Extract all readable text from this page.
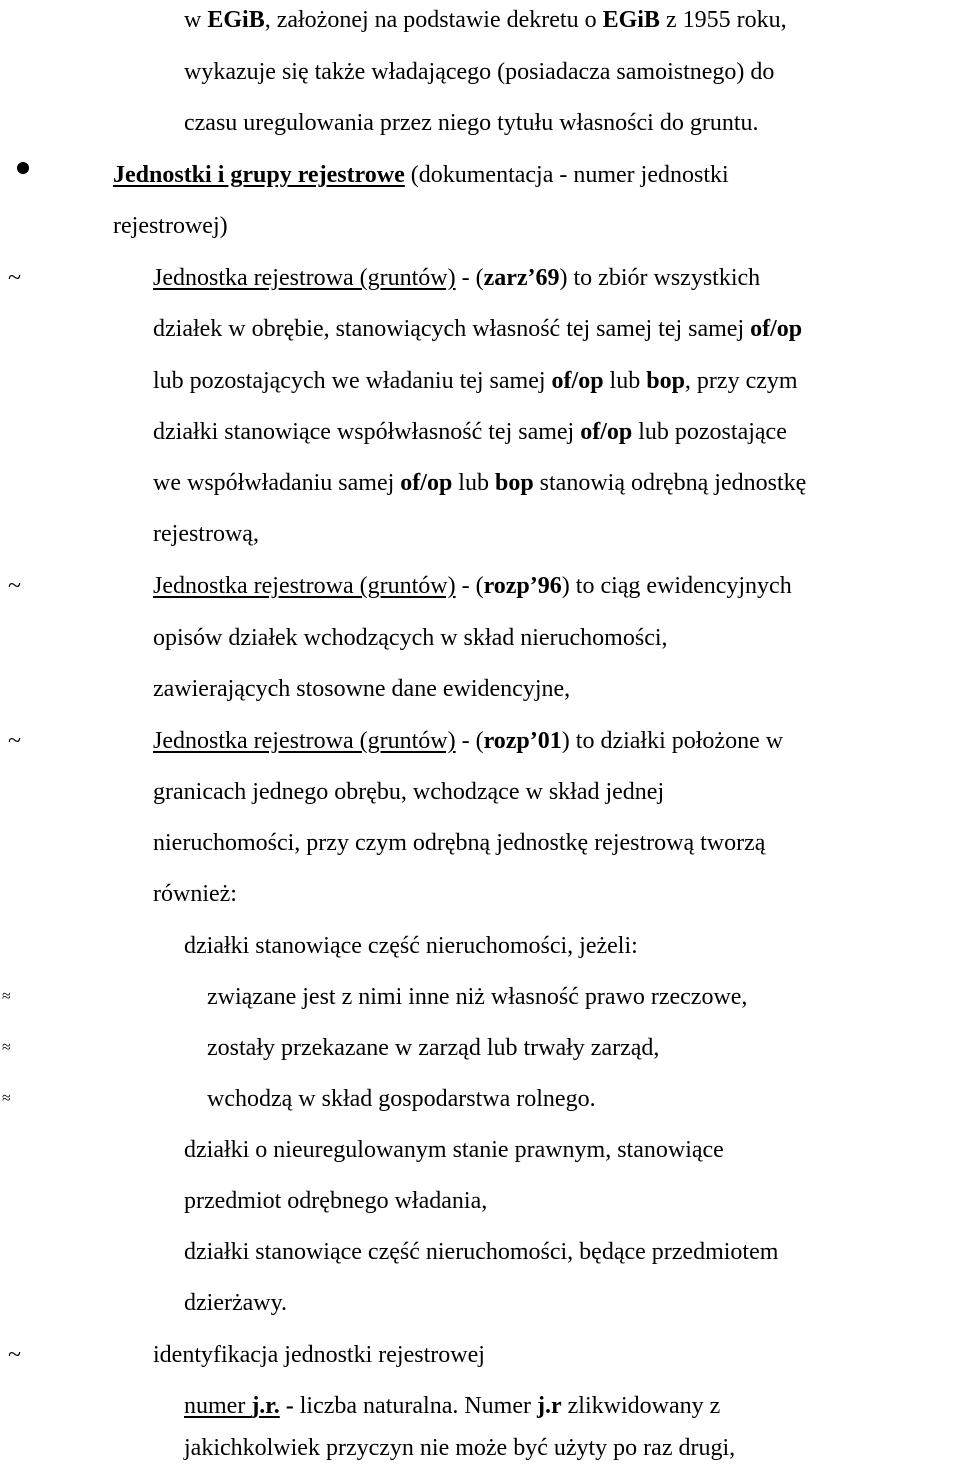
w EGiB, założonej na podstawie dekretu o EGiB z 1955 roku,
wykazuje się także władającego (posiadacza samoistnego) do
czasu uregulowania przez niego tytułu własności do gruntu.
Jednostki i grupy rejestrowe (dokumentacja - numer jednostki
rejestrowej)
~	Jednostka rejestrowa (gruntów) - (zarz’69) to zbiór wszystkich
działek w obrębie, stanowiących własność tej samej tej samej of/op
lub pozostających we władaniu tej samej of/op lub bop, przy czym
działki stanowiące współwłasność tej samej of/op lub pozostające
we współwładaniu samej of/op lub bop stanowią odrębną jednostkę
rejestrową,
~	Jednostka rejestrowa (gruntów) - (rozp’96) to ciąg ewidencyjnych
opisów działek wchodzących w skład nieruchomości,
zawierających stosowne dane ewidencyjne,
~	Jednostka rejestrowa (gruntów) - (rozp’01) to działki położone w
granicach jednego obrębu, wchodzące w skład jednej
nieruchomości, przy czym odrębną jednostkę rejestrową tworzą
również:
działki stanowiące część nieruchomości, jeżeli:
≈	związane jest z nimi inne niż własność prawo rzeczowe,
≈	zostały przekazane w zarząd lub trwały zarząd,
≈	wchodzą w skład gospodarstwa rolnego.
działki o nieuregulowanym stanie prawnym, stanowiące
przedmiot odrębnego władania,
działki stanowiące część nieruchomości, będące przedmiotem
dzierżawy.
~	identyfikacja jednostki rejestrowej
numer j.r. - liczba naturalna. Numer j.r zlikwidowany z
jakichkolwiek przyczyn nie może być użyty po raz drugi,
